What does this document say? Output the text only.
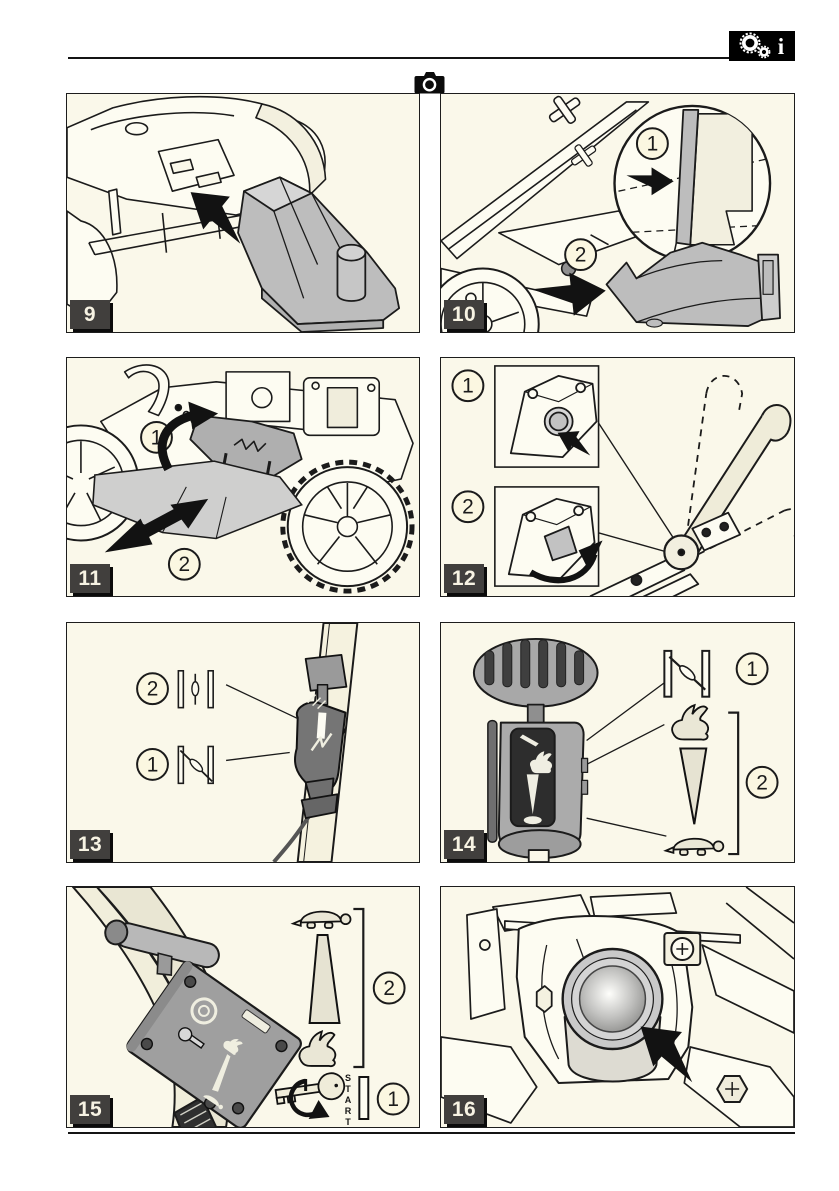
i
9
1
2
10
1
2
11
1
2
12
2
1
13
1
2
14
2
1
START
15	16
